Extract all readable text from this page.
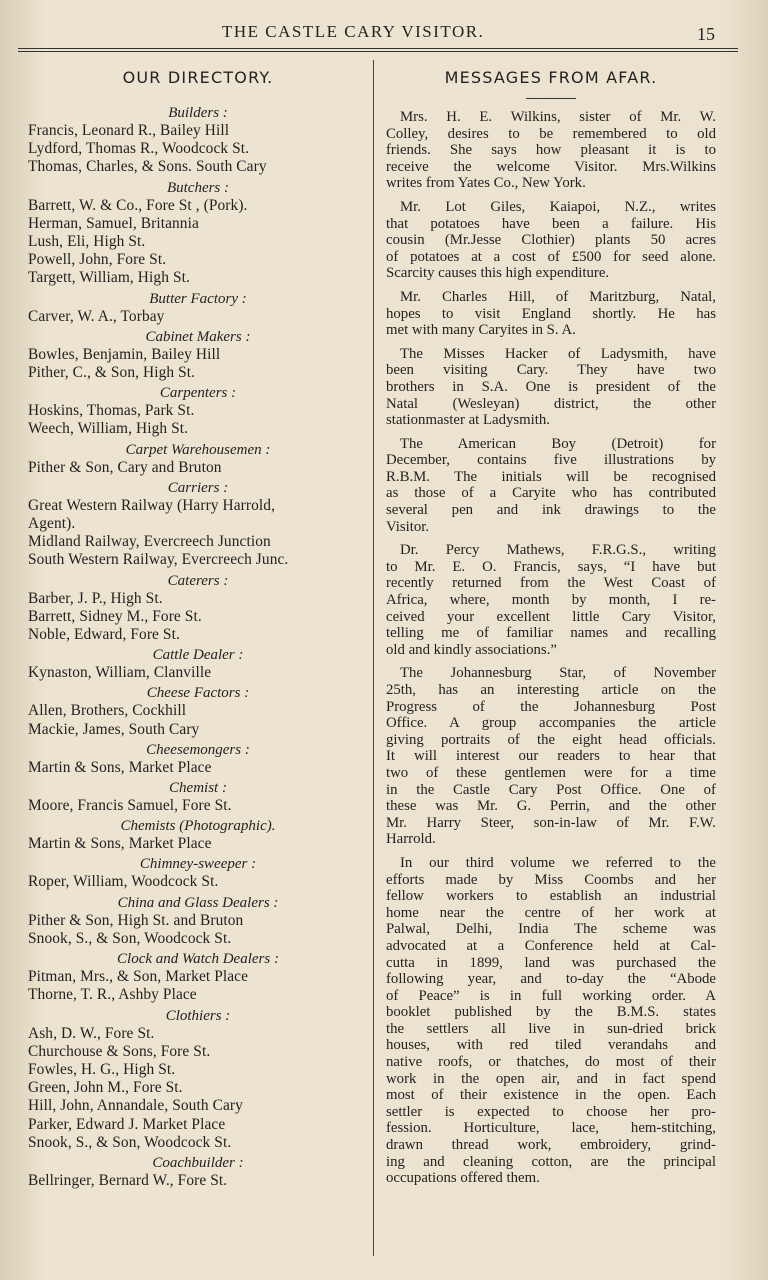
THE CASTLE CARY VISITOR.	15
OUR DIRECTORY.
Builders :
Francis, Leonard R., Bailey Hill
Lydford, Thomas R., Woodcock St.
Thomas, Charles, & Sons. South Cary
Butchers :
Barrett, W. & Co., Fore St , (Pork).
Herman, Samuel, Britannia
Lush, Eli, High St.
Powell, John, Fore St.
Targett, William, High St.
Butter Factory :
Carver, W. A., Torbay
Cabinet Makers :
Bowles, Benjamin, Bailey Hill
Pither, C., & Son, High St.
Carpenters :
Hoskins, Thomas, Park St.
Weech, William, High St.
Carpet Warehousemen :
Pither & Son, Cary and Bruton
Carriers :
Great Western Railway (Harry Harrold,
Agent).
Midland Railway, Evercreech Junction
South Western Railway, Evercreech Junc.
Caterers :
Barber, J. P., High St.
Barrett, Sidney M., Fore St.
Noble, Edward, Fore St.
Cattle Dealer :
Kynaston, William, Clanville
Cheese Factors :
Allen, Brothers, Cockhill
Mackie, James, South Cary
Cheesemongers :
Martin & Sons, Market Place
Chemist :
Moore, Francis Samuel, Fore St.
Chemists (Photographic).
Martin & Sons, Market Place
Chimney-sweeper :
Roper, William, Woodcock St.
China and Glass Dealers :
Pither & Son, High St. and Bruton
Snook, S., & Son, Woodcock St.
Clock and Watch Dealers :
Pitman, Mrs., & Son, Market Place
Thorne, T. R., Ashby Place
Clothiers :
Ash, D. W., Fore St.
Churchouse & Sons, Fore St.
Fowles, H. G., High St.
Green, John M., Fore St.
Hill, John, Annandale, South Cary
Parker, Edward J. Market Place
Snook, S., & Son, Woodcock St.
Coachbuilder :
Bellringer, Bernard W., Fore St.
MESSAGES FROM AFAR.
Mrs. H. E. Wilkins, sister of Mr. W.
Colley, desires to be remembered to old
friends. She says how pleasant it is to
receive the welcome Visitor. Mrs.Wilkins
writes from Yates Co., New York.
Mr. Lot Giles, Kaiapoi, N.Z., writes
that potatoes have been a failure. His
cousin (Mr.Jesse Clothier) plants 50 acres
of potatoes at a cost of £500 for seed alone.
Scarcity causes this high expenditure.
Mr. Charles Hill, of Maritzburg, Natal,
hopes to visit England shortly. He has
met with many Caryites in S. A.
The Misses Hacker of Ladysmith, have
been visiting Cary. They have two
brothers in S.A. One is president of the
Natal (Wesleyan) district, the other
stationmaster at Ladysmith.
The American Boy (Detroit) for
December, contains five illustrations by
R.B.M. The initials will be recognised
as those of a Caryite who has contributed
several pen and ink drawings to the
Visitor.
Dr. Percy Mathews, F.R.G.S., writing
to Mr. E. O. Francis, says, “I have but
recently returned from the West Coast of
Africa, where, month by month, I re-
ceived your excellent little Cary Visitor,
telling me of familiar names and recalling
old and kindly associations.”
The Johannesburg Star, of November
25th, has an interesting article on the
Progress of the Johannesburg Post
Office. A group accompanies the article
giving portraits of the eight head officials.
It will interest our readers to hear that
two of these gentlemen were for a time
in the Castle Cary Post Office. One of
these was Mr. G. Perrin, and the other
Mr. Harry Steer, son-in-law of Mr. F.W.
Harrold.
In our third volume we referred to the
efforts made by Miss Coombs and her
fellow workers to establish an industrial
home near the centre of her work at
Palwal, Delhi, India The scheme was
advocated at a Conference held at Cal-
cutta in 1899, land was purchased the
following year, and to-day the “Abode
of Peace” is in full working order. A
booklet published by the B.M.S. states
the settlers all live in sun-dried brick
houses, with red tiled verandahs and
native roofs, or thatches, do most of their
work in the open air, and in fact spend
most of their existence in the open. Each
settler is expected to choose her pro-
fession. Horticulture, lace, hem-stitching,
drawn thread work, embroidery, grind-
ing and cleaning cotton, are the principal
occupations offered them.
